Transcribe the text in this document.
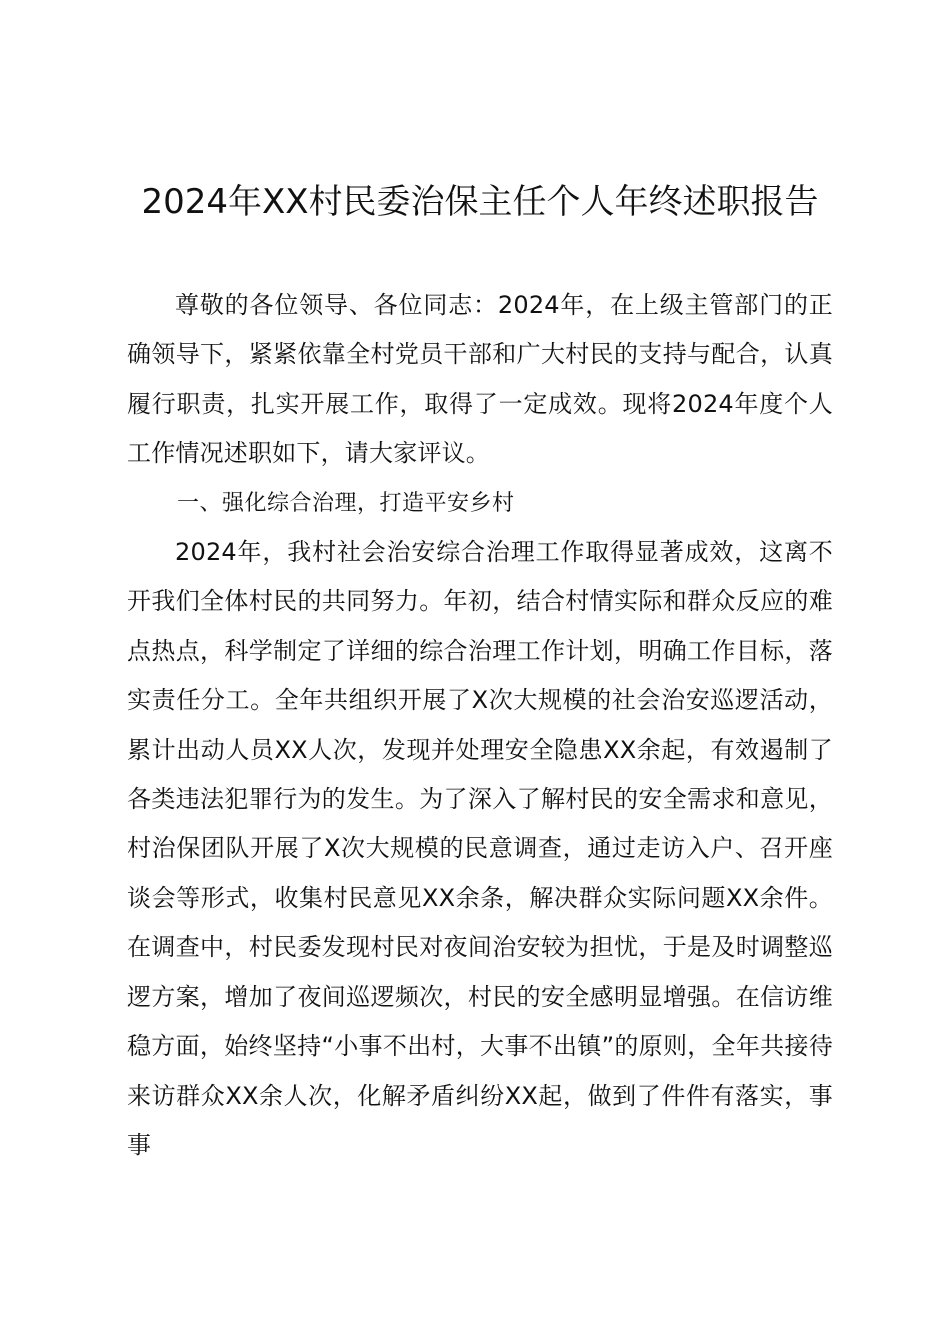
2024年XX村民委治保主任个人年终述职报告

尊敬的各位领导、各位同志：2024年，在上级主管部门的正确领导下，紧紧依靠全村党员干部和广大村民的支持与配合，认真履行职责，扎实开展工作，取得了一定成效。现将2024年度个人工作情况述职如下，请大家评议。

一、强化综合治理，打造平安乡村

2024年，我村社会治安综合治理工作取得显著成效，这离不开我们全体村民的共同努力。年初，结合村情实际和群众反应的难点热点，科学制定了详细的综合治理工作计划，明确工作目标，落实责任分工。全年共组织开展了X次大规模的社会治安巡逻活动，累计出动人员XX人次，发现并处理安全隐患XX余起，有效遏制了各类违法犯罪行为的发生。为了深入了解村民的安全需求和意见，村治保团队开展了X次大规模的民意调查，通过走访入户、召开座谈会等形式，收集村民意见XX余条，解决群众实际问题XX余件。在调查中，村民委发现村民对夜间治安较为担忧，于是及时调整巡逻方案，增加了夜间巡逻频次，村民的安全感明显增强。在信访维稳方面，始终坚持“小事不出村，大事不出镇”的原则，全年共接待来访群众XX余人次，化解矛盾纠纷XX起，做到了件件有落实，事事
